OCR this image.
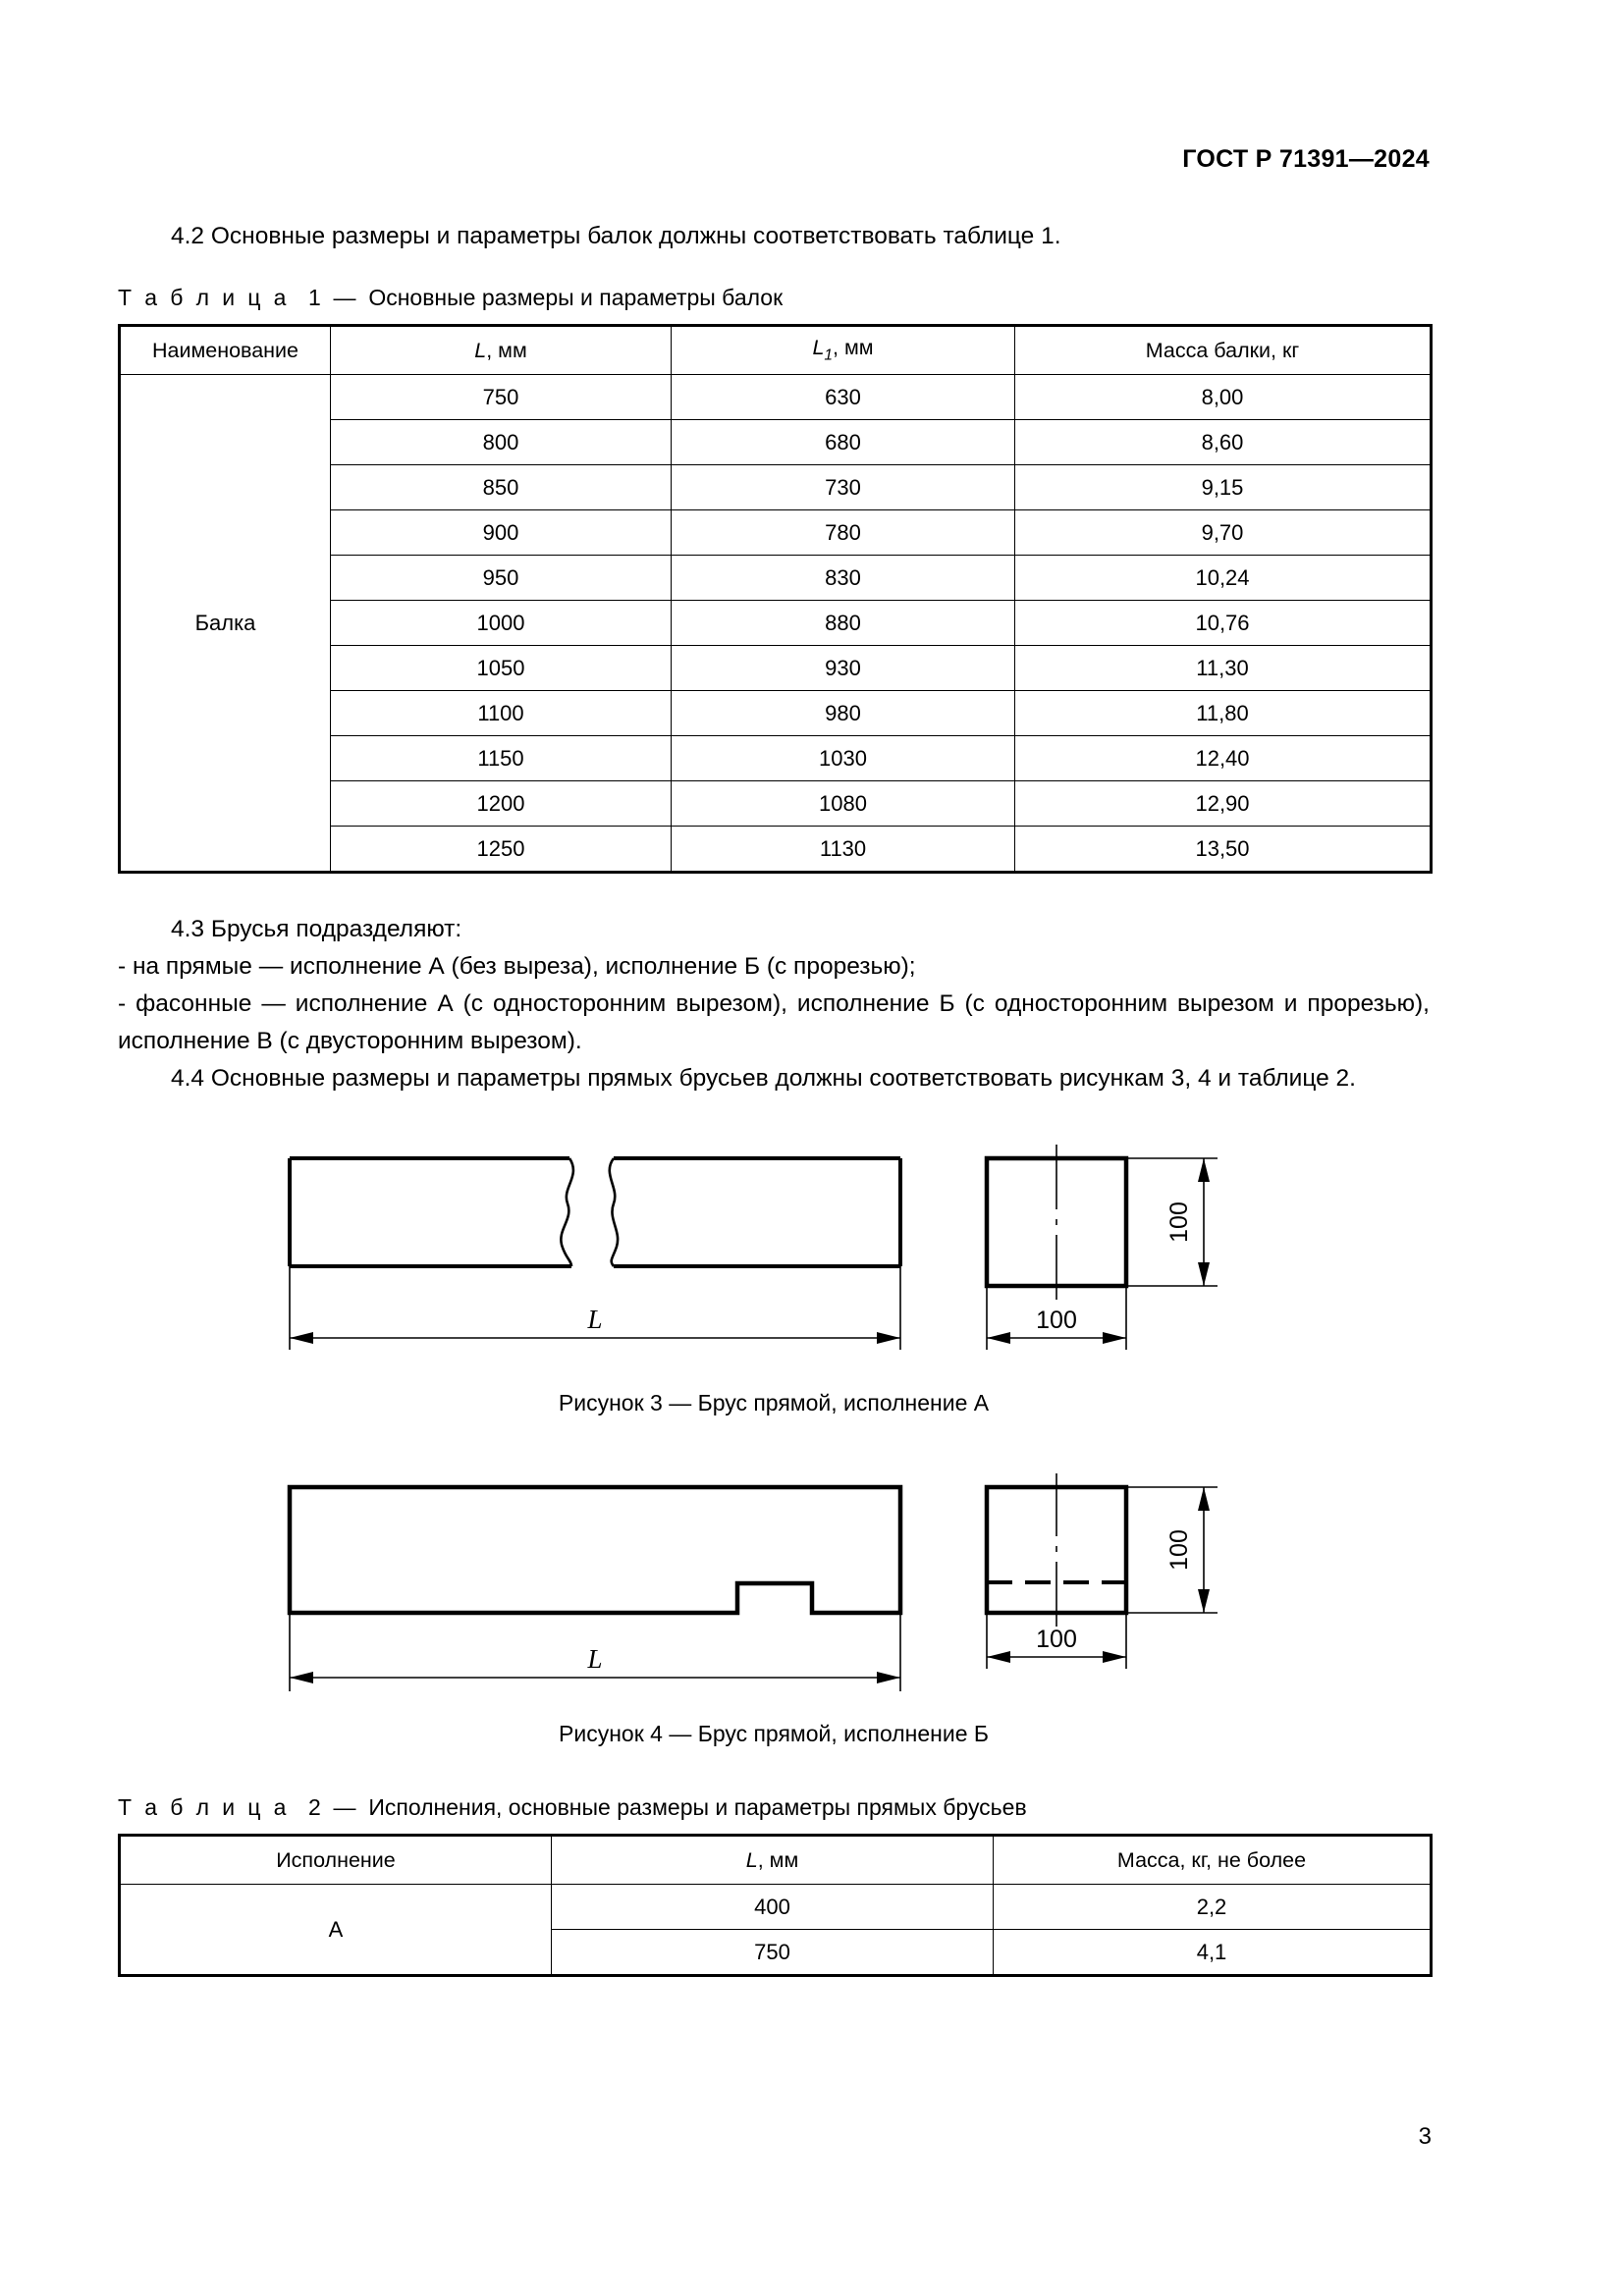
ГОСТ Р 71391—2024

4.2 Основные размеры и параметры балок должны соответствовать таблице 1.

Т а б л и ц а 1 — Основные размеры и параметры балок

Наименование	L, мм	$L_1$, мм	Масса балки, кг
Балка	750	630	8,00
	800	680	8,60
	850	730	9,15
	900	780	9,70
	950	830	10,24
	1000	880	10,76
	1050	930	11,30
	1100	980	11,80
	1150	1030	12,40
	1200	1080	12,90
	1250	1130	13,50

4.3 Брусья подразделяют:

- на прямые — исполнение А (без выреза), исполнение Б (с прорезью);

- фасонные — исполнение А (с односторонним вырезом), исполнение Б (с односторонним вырезом и прорезью), исполнение В (с двусторонним вырезом).

4.4 Основные размеры и параметры прямых брусьев должны соответствовать рисункам 3, 4 и таблице 2.

L
100
100

Рисунок 3 — Брус прямой, исполнение А

L
100
100

Рисунок 4 — Брус прямой, исполнение Б

Т а б л и ц а 2 — Исполнения, основные размеры и параметры прямых брусьев

Исполнение	L, мм	Масса, кг, не более
А	400	2,2
	750	4,1
3
